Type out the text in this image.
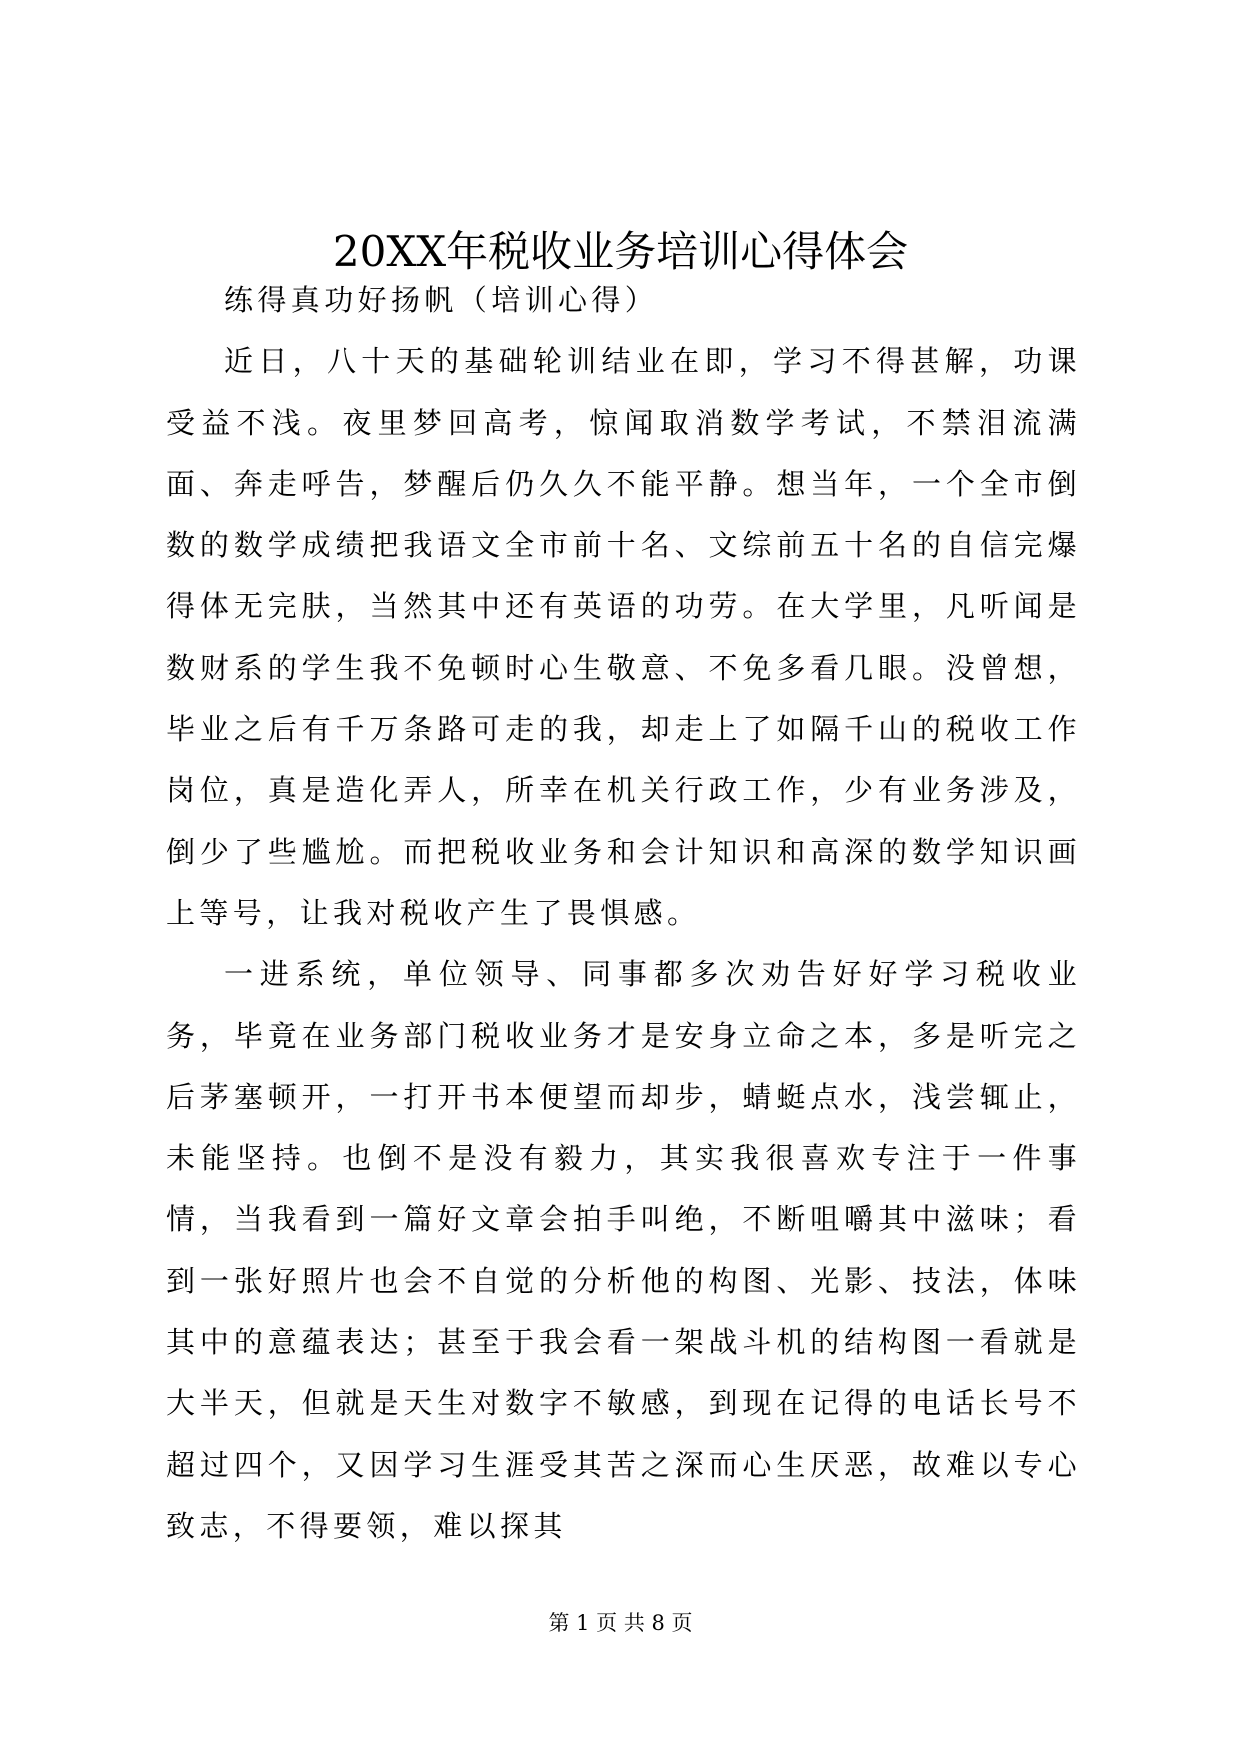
20XX年税收业务培训心得体会

练得真功好扬帆（培训心得）

近日，八十天的基础轮训结业在即，学习不得甚解，功课受益不浅。夜里梦回高考，惊闻取消数学考试，不禁泪流满面、奔走呼告，梦醒后仍久久不能平静。想当年，一个全市倒数的数学成绩把我语文全市前十名、文综前五十名的自信完爆得体无完肤，当然其中还有英语的功劳。在大学里，凡听闻是数财系的学生我不免顿时心生敬意、不免多看几眼。没曾想，毕业之后有千万条路可走的我，却走上了如隔千山的税收工作岗位，真是造化弄人，所幸在机关行政工作，少有业务涉及，倒少了些尴尬。而把税收业务和会计知识和高深的数学知识画上等号，让我对税收产生了畏惧感。

一进系统，单位领导、同事都多次劝告好好学习税收业务，毕竟在业务部门税收业务才是安身立命之本，多是听完之后茅塞顿开，一打开书本便望而却步，蜻蜓点水，浅尝辄止，未能坚持。也倒不是没有毅力，其实我很喜欢专注于一件事情，当我看到一篇好文章会拍手叫绝，不断咀嚼其中滋味；看到一张好照片也会不自觉的分析他的构图、光影、技法，体味其中的意蕴表达；甚至于我会看一架战斗机的结构图一看就是大半天，但就是天生对数字不敏感，到现在记得的电话长号不超过四个，又因学习生涯受其苦之深而心生厌恶，故难以专心致志，不得要领，难以探其

第 1 页 共 8 页
